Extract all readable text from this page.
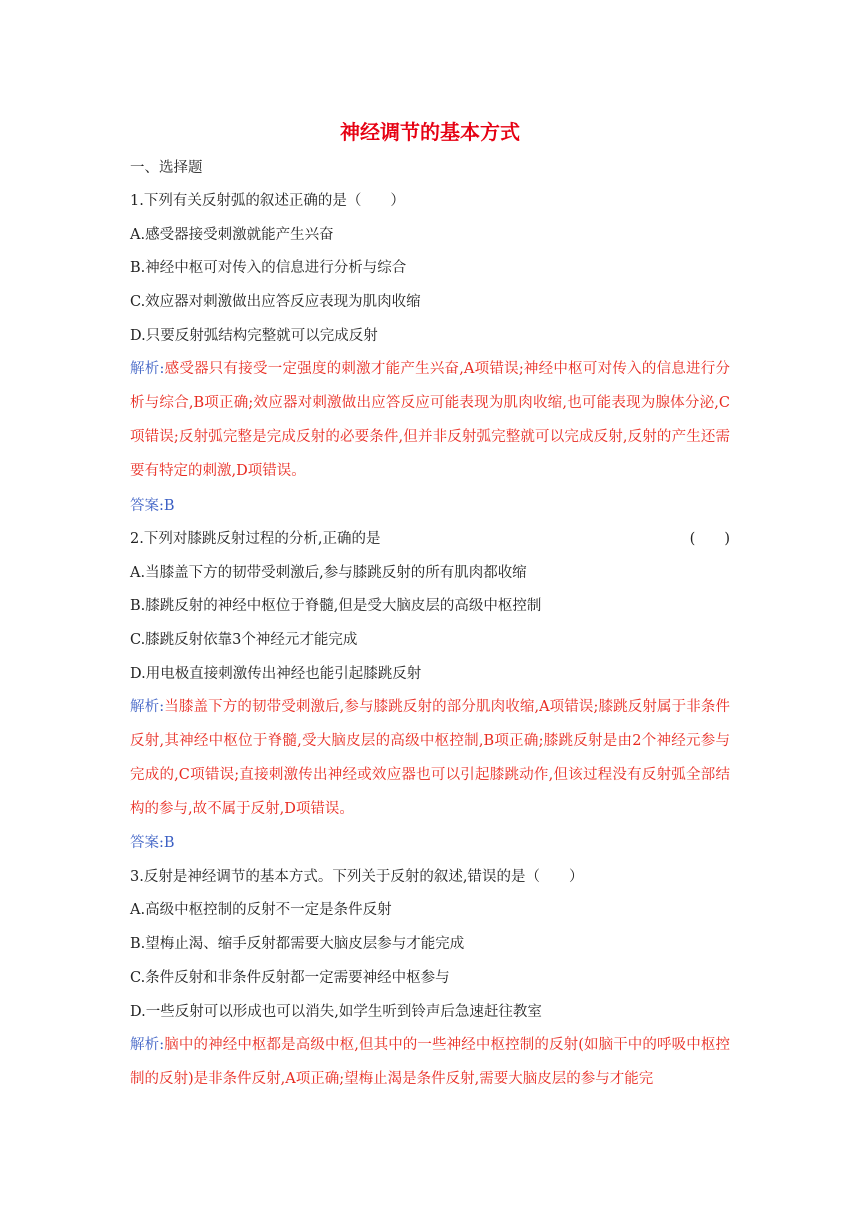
神经调节的基本方式
一、选择题
1.下列有关反射弧的叙述正确的是（　　）
A.感受器接受刺激就能产生兴奋
B.神经中枢可对传入的信息进行分析与综合
C.效应器对刺激做出应答反应表现为肌肉收缩
D.只要反射弧结构完整就可以完成反射
解析:感受器只有接受一定强度的刺激才能产生兴奋,A项错误;神经中枢可对传入的信息进行分析与综合,B项正确;效应器对刺激做出应答反应可能表现为肌肉收缩,也可能表现为腺体分泌,C项错误;反射弧完整是完成反射的必要条件,但并非反射弧完整就可以完成反射,反射的产生还需要有特定的刺激,D项错误。
答案:B
2.下列对膝跳反射过程的分析,正确的是	(　　)
A.当膝盖下方的韧带受刺激后,参与膝跳反射的所有肌肉都收缩
B.膝跳反射的神经中枢位于脊髓,但是受大脑皮层的高级中枢控制
C.膝跳反射依靠3个神经元才能完成
D.用电极直接刺激传出神经也能引起膝跳反射
解析:当膝盖下方的韧带受刺激后,参与膝跳反射的部分肌肉收缩,A项错误;膝跳反射属于非条件反射,其神经中枢位于脊髓,受大脑皮层的高级中枢控制,B项正确;膝跳反射是由2个神经元参与完成的,C项错误;直接刺激传出神经或效应器也可以引起膝跳动作,但该过程没有反射弧全部结构的参与,故不属于反射,D项错误。
答案:B
3.反射是神经调节的基本方式。下列关于反射的叙述,错误的是（　　）
A.高级中枢控制的反射不一定是条件反射
B.望梅止渴、缩手反射都需要大脑皮层参与才能完成
C.条件反射和非条件反射都一定需要神经中枢参与
D.一些反射可以形成也可以消失,如学生听到铃声后急速赶往教室
解析:脑中的神经中枢都是高级中枢,但其中的一些神经中枢控制的反射(如脑干中的呼吸中枢控制的反射)是非条件反射,A项正确;望梅止渴是条件反射,需要大脑皮层的参与才能完
